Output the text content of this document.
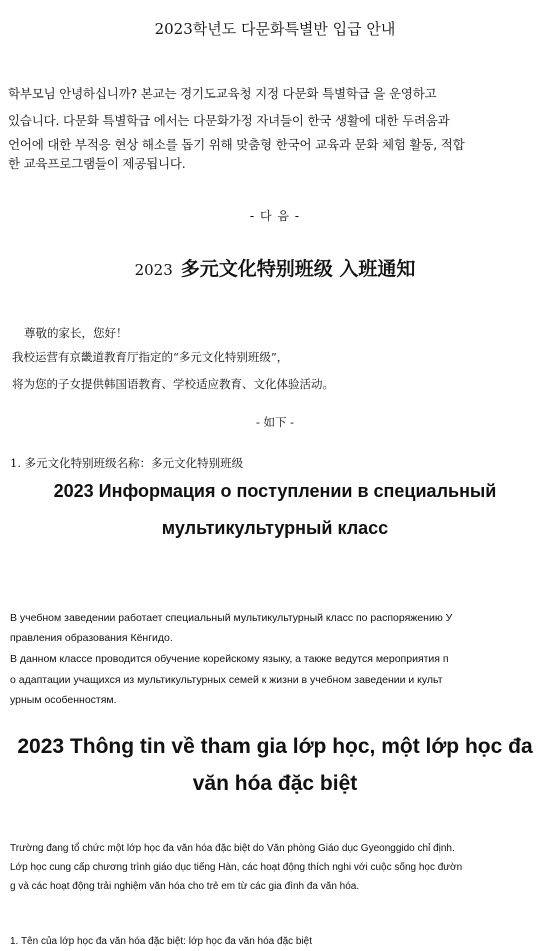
2023학년도 다문화특별반 입급 안내
학부모님 안녕하십니까? 본교는 경기도교육청 지정 다문화 특별학급 을 운영하고
있습니다. 다문화 특별학급 에서는 다문화가정 자녀들이 한국 생활에 대한 두려움과
언어에 대한 부적응 현상 해소를 돕기 위해 맞춤형 한국어 교육과 문화 체험 활동, 적합
한 교육프로그램들이 제공됩니다.
- 다 음 -
2023 多元文化特别班级 入班通知
尊敬的家长，您好！
我校运营有京畿道教育厅指定的“多元文化特别班级”，
将为您的子女提供韩国语教育、学校适应教育、文化体验活动。
- 如下 -
1. 多元文化特别班级名称：多元文化特别班级
2023 Информация о поступлении в специальный
мультикультурный класс
В учебном заведении работает специальный мультикультурный класс по распоряжению У
правления образования Кёнгидо.
В данном классе проводится обучение корейскому языку, а также ведутся мероприятия п
о адаптации учащихся из мультикультурных семей к жизни в учебном заведении и культ
урным особенностям.
2023 Thông tin về tham gia lớp học, một lớp học đa
văn hóa đặc biệt
Trường đang tổ chức một lớp học đa văn hóa đặc biệt do Văn phòng Giáo dục Gyeonggido chỉ định.
Lớp học cung cấp chương trình giáo dục tiếng Hàn, các hoạt động thích nghi với cuộc sống học đườn
g và các hoạt động trải nghiệm văn hóa cho trẻ em từ các gia đình đa văn hóa.
1. Tên của lớp học đa văn hóa đặc biệt: lớp học đa văn hóa đặc biệt
